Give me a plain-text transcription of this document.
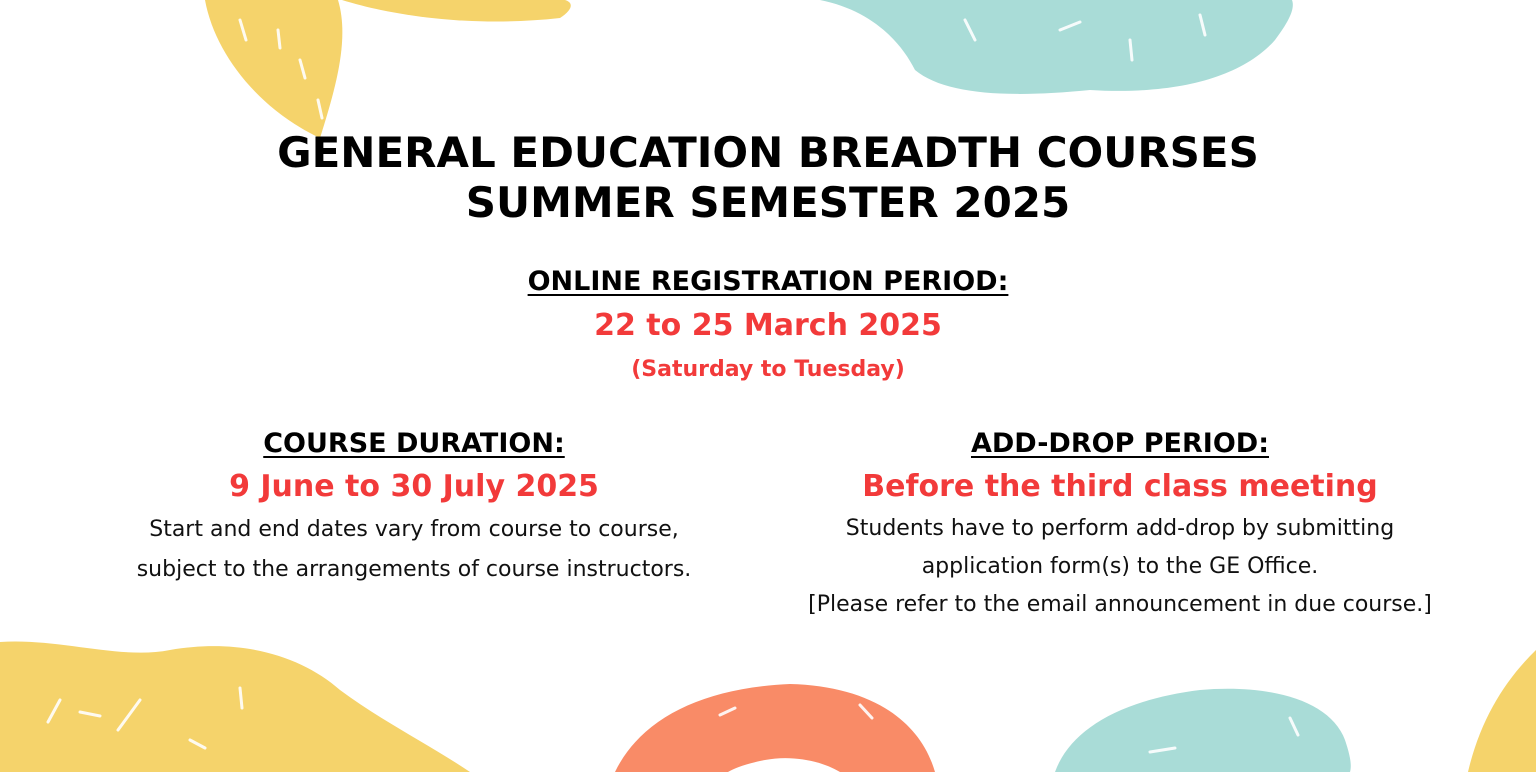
GENERAL EDUCATION BREADTH COURSES
SUMMER SEMESTER 2025
ONLINE REGISTRATION PERIOD:
22 to 25 March 2025
(Saturday to Tuesday)
COURSE DURATION:
9 June to 30 July 2025
Start and end dates vary from course to course,
subject to the arrangements of course instructors.
ADD-DROP PERIOD:
Before the third class meeting
Students have to perform add-drop by submitting
application form(s) to the GE Office.
[Please refer to the email announcement in due course.]
